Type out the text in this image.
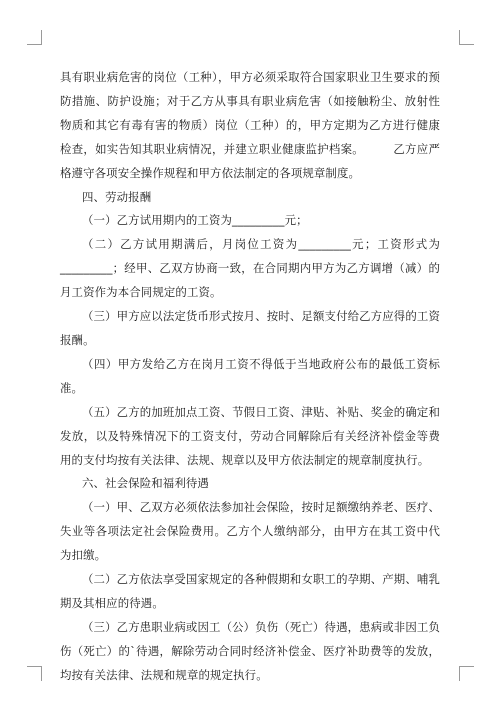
具有职业病危害的岗位（工种），甲方必须采取符合国家职业卫生要求的预防措施、防护设施；对于乙方从事具有职业病危害（如接触粉尘、放射性物质和其它有毒有害的物质）岗位（工种）的，甲方定期为乙方进行健康检查，如实告知其职业病情况，并建立职业健康监护档案。　　　乙方应严格遵守各项安全操作规程和甲方依法制定的各项规章制度。

四、劳动报酬

（一）乙方试用期内的工资为_________元；

（二）乙方试用期满后，月岗位工资为_________元；工资形式为_________；经甲、乙双方协商一致，在合同期内甲方为乙方调增（减）的月工资作为本合同规定的工资。

（三）甲方应以法定货币形式按月、按时、足额支付给乙方应得的工资报酬。

（四）甲方发给乙方在岗月工资不得低于当地政府公布的最低工资标准。

（五）乙方的加班加点工资、节假日工资、津贴、补贴、奖金的确定和发放，以及特殊情况下的工资支付，劳动合同解除后有关经济补偿金等费用的支付均按有关法律、法规、规章以及甲方依法制定的规章制度执行。

六、社会保险和福利待遇

（一）甲、乙双方必须依法参加社会保险，按时足额缴纳养老、医疗、失业等各项法定社会保险费用。乙方个人缴纳部分，由甲方在其工资中代为扣缴。

（二）乙方依法享受国家规定的各种假期和女职工的孕期、产期、哺乳期及其相应的待遇。

（三）乙方患职业病或因工（公）负伤（死亡）待遇，患病或非因工负伤（死亡）的`待遇，解除劳动合同时经济补偿金、医疗补助费等的发放，均按有关法律、法规和规章的规定执行。
